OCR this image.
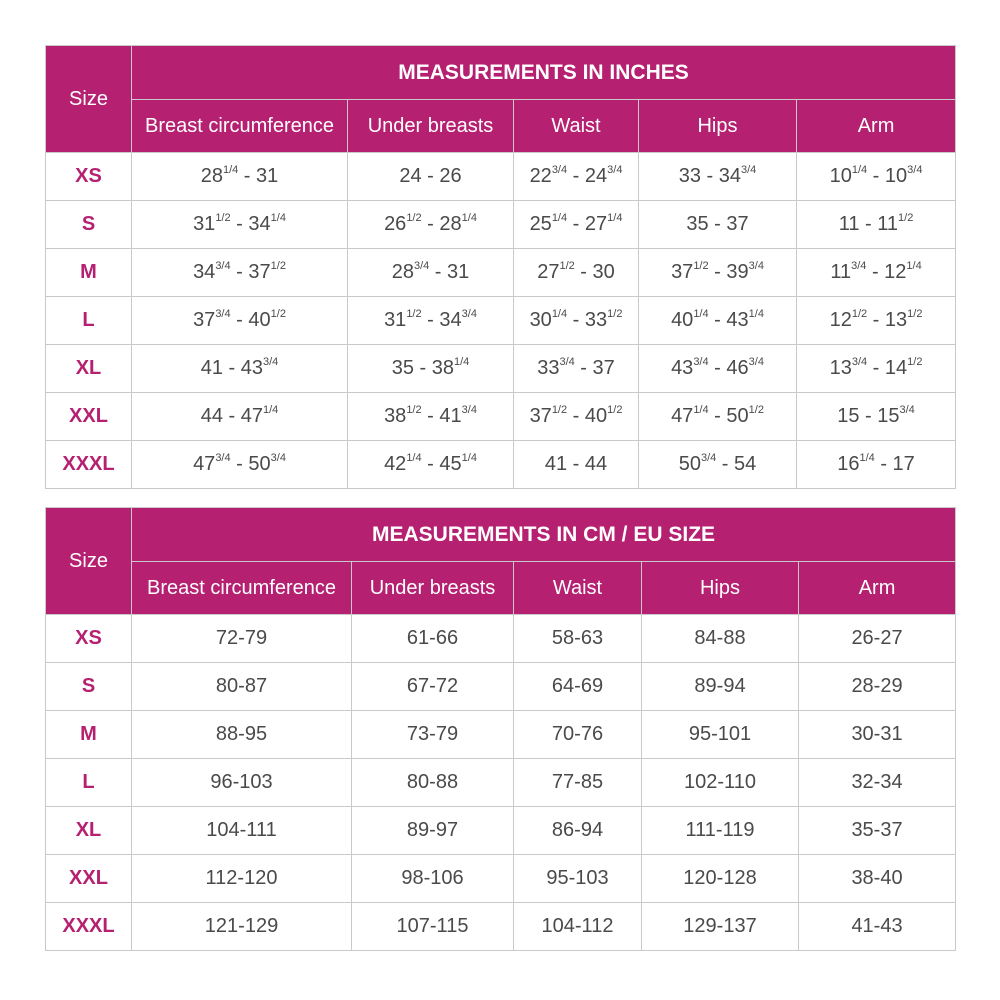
Size	MEASUREMENTS IN INCHES				
	Breast circumference	Under breasts	Waist	Hips	Arm
XS	$28^{1/4} - 31$	24 - 26	$22^{3/4} - 24^{3/4}$	$33 - 34^{3/4}$	$10^{1/4} - 10^{3/4}$
S	$31^{1/2} - 34^{1/4}$	$26^{1/2} - 28^{1/4}$	$25^{1/4} - 27^{1/4}$	35 - 37	$11 - 11^{1/2}$
M	$34^{3/4} - 37^{1/2}$	$28^{3/4} - 31$	$27^{1/2} - 30$	$37^{1/2} - 39^{3/4}$	$11^{3/4} - 12^{1/4}$
L	$37^{3/4} - 40^{1/2}$	$31^{1/2} - 34^{3/4}$	$30^{1/4} - 33^{1/2}$	$40^{1/4} - 43^{1/4}$	$12^{1/2} - 13^{1/2}$
XL	$41 - 43^{3/4}$	$35 - 38^{1/4}$	$33^{3/4} - 37$	$43^{3/4} - 46^{3/4}$	$13^{3/4} - 14^{1/2}$
XXL	$44 - 47^{1/4}$	$38^{1/2} - 41^{3/4}$	$37^{1/2} - 40^{1/2}$	$47^{1/4} - 50^{1/2}$	$15 - 15^{3/4}$
XXXL	$47^{3/4} - 50^{3/4}$	$42^{1/4} - 45^{1/4}$	41 - 44	$50^{3/4} - 54$	$16^{1/4} - 17$
Size	MEASUREMENTS IN CM / EU SIZE				
	Breast circumference	Under breasts	Waist	Hips	Arm
XS	72-79	61-66	58-63	84-88	26-27
S	80-87	67-72	64-69	89-94	28-29
M	88-95	73-79	70-76	95-101	30-31
L	96-103	80-88	77-85	102-110	32-34
XL	104-111	89-97	86-94	111-119	35-37
XXL	112-120	98-106	95-103	120-128	38-40
XXXL	121-129	107-115	104-112	129-137	41-43
